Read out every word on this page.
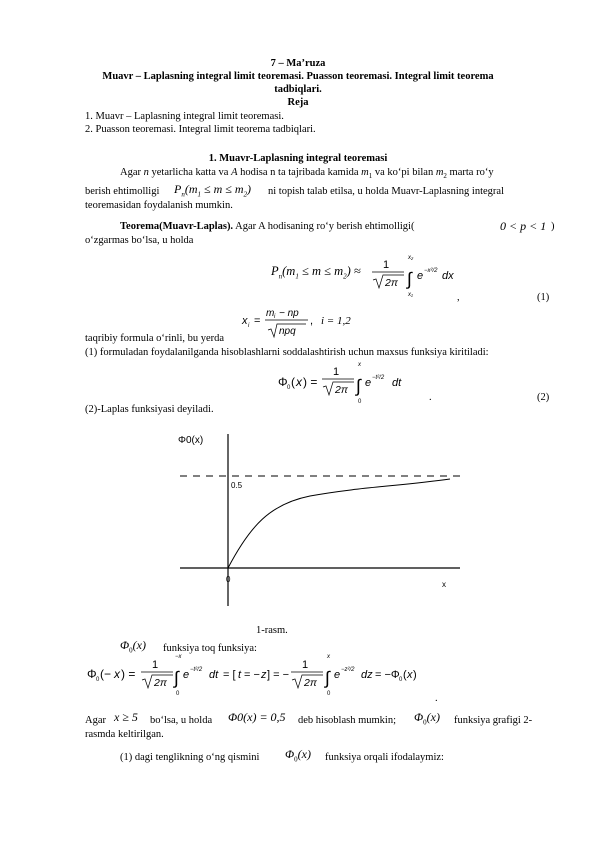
7 – Ma’ruza
Muavr – Laplasning integral limit teoremasi. Puasson teoremasi. Integral limit teorema
tadbiqlari.
Reja
1. Muavr – Laplasning integral limit teoremasi.
2. Puasson teoremasi. Integral limit teorema tadbiqlari.
1. Muavr-Laplasning integral teoremasi
Agar n yetarlicha katta va A hodisa n ta tajribada kamida $m_1$ va ko‘pi bilan $m_2$ marta ro‘y
berish ehtimolligi $P_n(m_1 \le m \le m_2)$ ni topish talab etilsa, u holda Muavr-Laplasning integral
teoremasidan foydalanish mumkin.
Teorema(Muavr-Laplas). Agar A hodisaning ro‘y berish ehtimolligi(	0 < p < 1 )
o‘zgarmas bo‘lsa, u holda
$P_n(m_1 \le m \le m_2) \approx 1$
2π
x₂
∫
x₁
e −x²/2 dx
,	(1)
x i =
m i − np
npq
, i = 1,2
taqribiy formula o‘rinli, bu yerda
(1) formuladan foydalanilganda hisoblashlarni soddalashtirish uchun maxsus funksiya kiritiladi:
Φ 0 ( x ) =
1
2π
x
∫
0
e −t²/2 dt
.	(2)
(2)-Laplas funksiyasi deyiladi.
Φ0(x)
0.5
0
x
1-rasm.
$\Phi_0(x)$ funksiya toq funksiya:
Φ 0 (− x ) =
1
2π
−x
∫
0
e −t²/2 dt = [ t = − z ] = −
1
2π
x
∫
0
e −z²/2 dz = −Φ 0 ( x )
.
Agar x ≥ 5 bo‘lsa, u holda Φ0(x) = 0,5 deb hisoblash mumkin; $\Phi_0(x)$ funksiya grafigi 2-
rasmda keltirilgan.
(1) dagi tenglikning o‘ng qismini $\Phi_0(x)$ funksiya orqali ifodalaymiz:
